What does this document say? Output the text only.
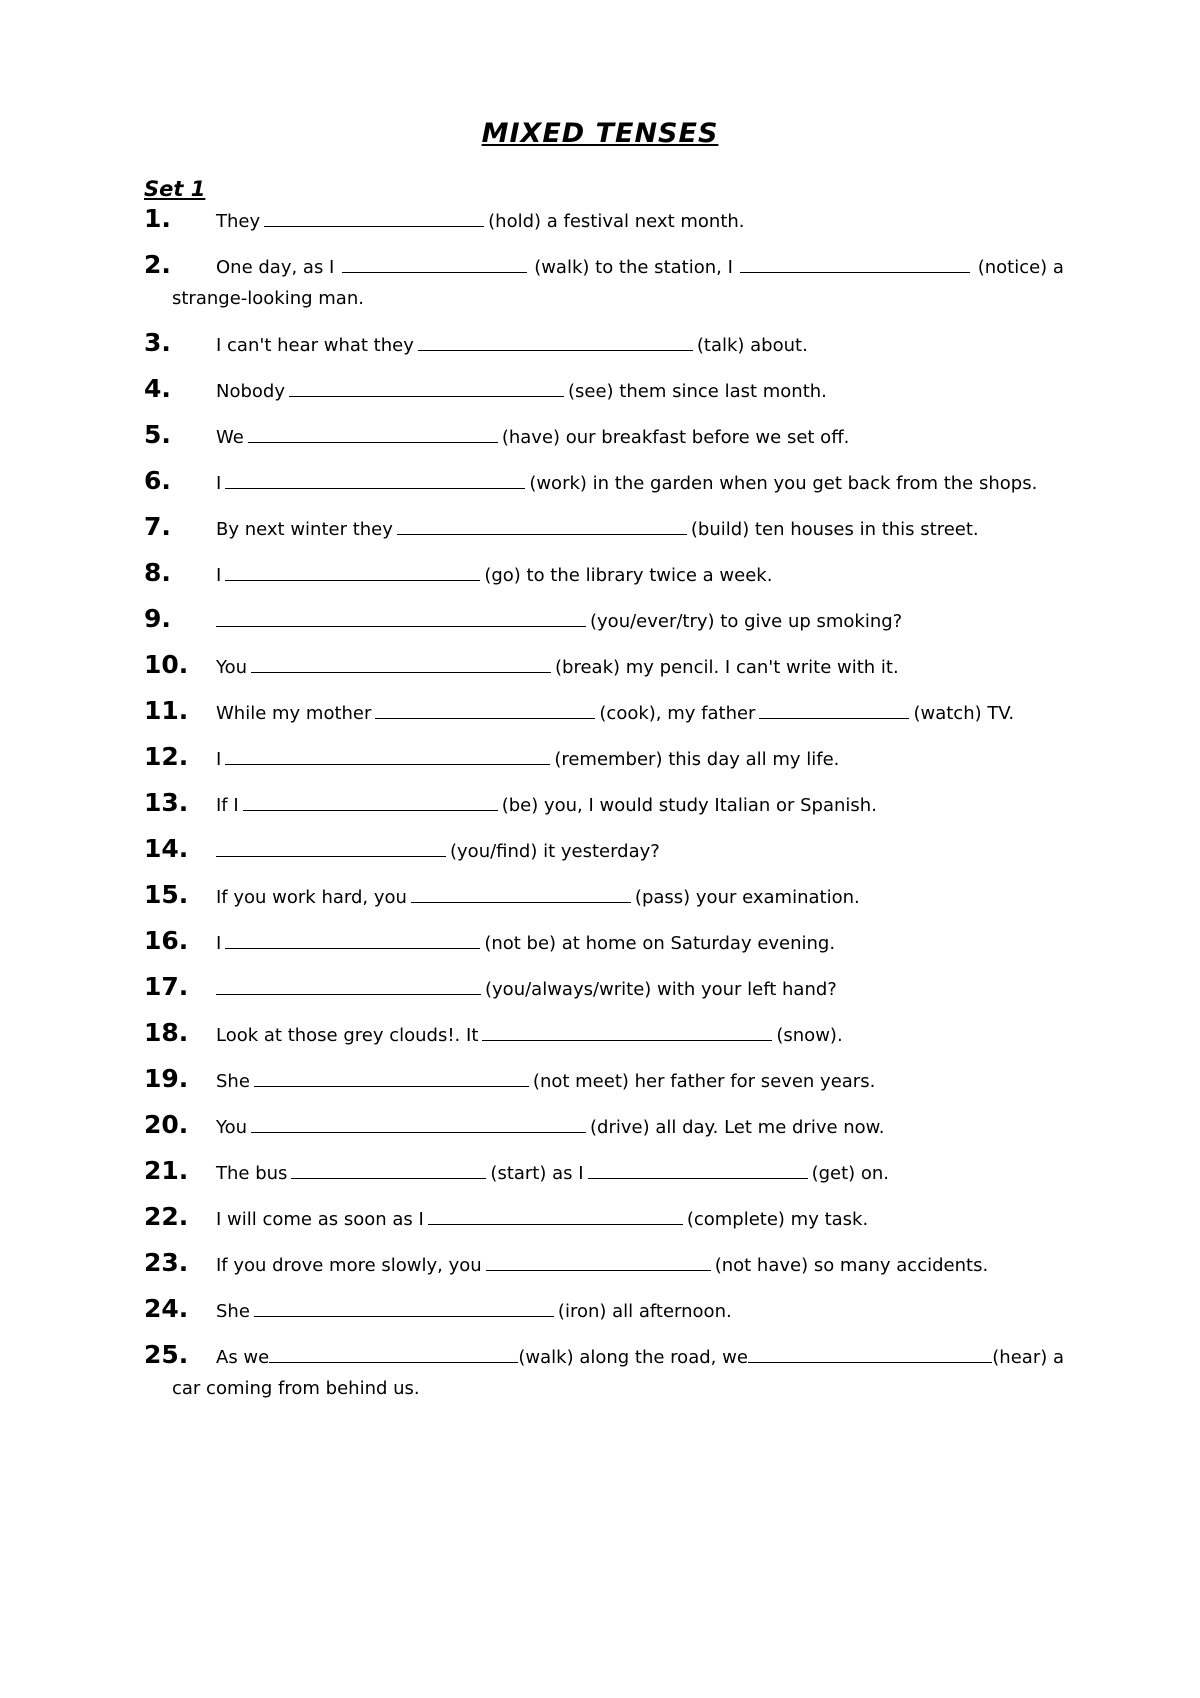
MIXED TENSES
Set 1
1.	They	(hold) a festival next month.
2.	One day, as I	(walk) to the station, I	(notice) a
strange-looking man.
3.	I can't hear what they	(talk) about.
4.	Nobody	(see) them since last month.
5.	We	(have) our breakfast before we set off.
6.	I	(work) in the garden when you get back from the shops.
7.	By next winter they	(build) ten houses in this street.
8.	I	(go) to the library twice a week.
9.	(you/ever/try) to give up smoking?
10. You	(break) my pencil. I can't write with it.
11. While my mother	(cook), my father	(watch) TV.
12. I	(remember) this day all my life.
13. If I	(be) you, I would study Italian or Spanish.
14.	(you/find) it yesterday?
15. If you work hard, you	(pass) your examination.
16. I	(not be) at home on Saturday evening.
17.	(you/always/write) with your left hand?
18. Look at those grey clouds!. It	(snow).
19. She	(not meet) her father for seven years.
20. You	(drive) all day. Let me drive now.
21. The bus	(start) as I	(get) on.
22. I will come as soon as I	(complete) my task.
23. If you drove more slowly, you	(not have) so many accidents.
24. She	(iron) all afternoon.
25. As we	(walk) along the road, we	(hear) a
car coming from behind us.
